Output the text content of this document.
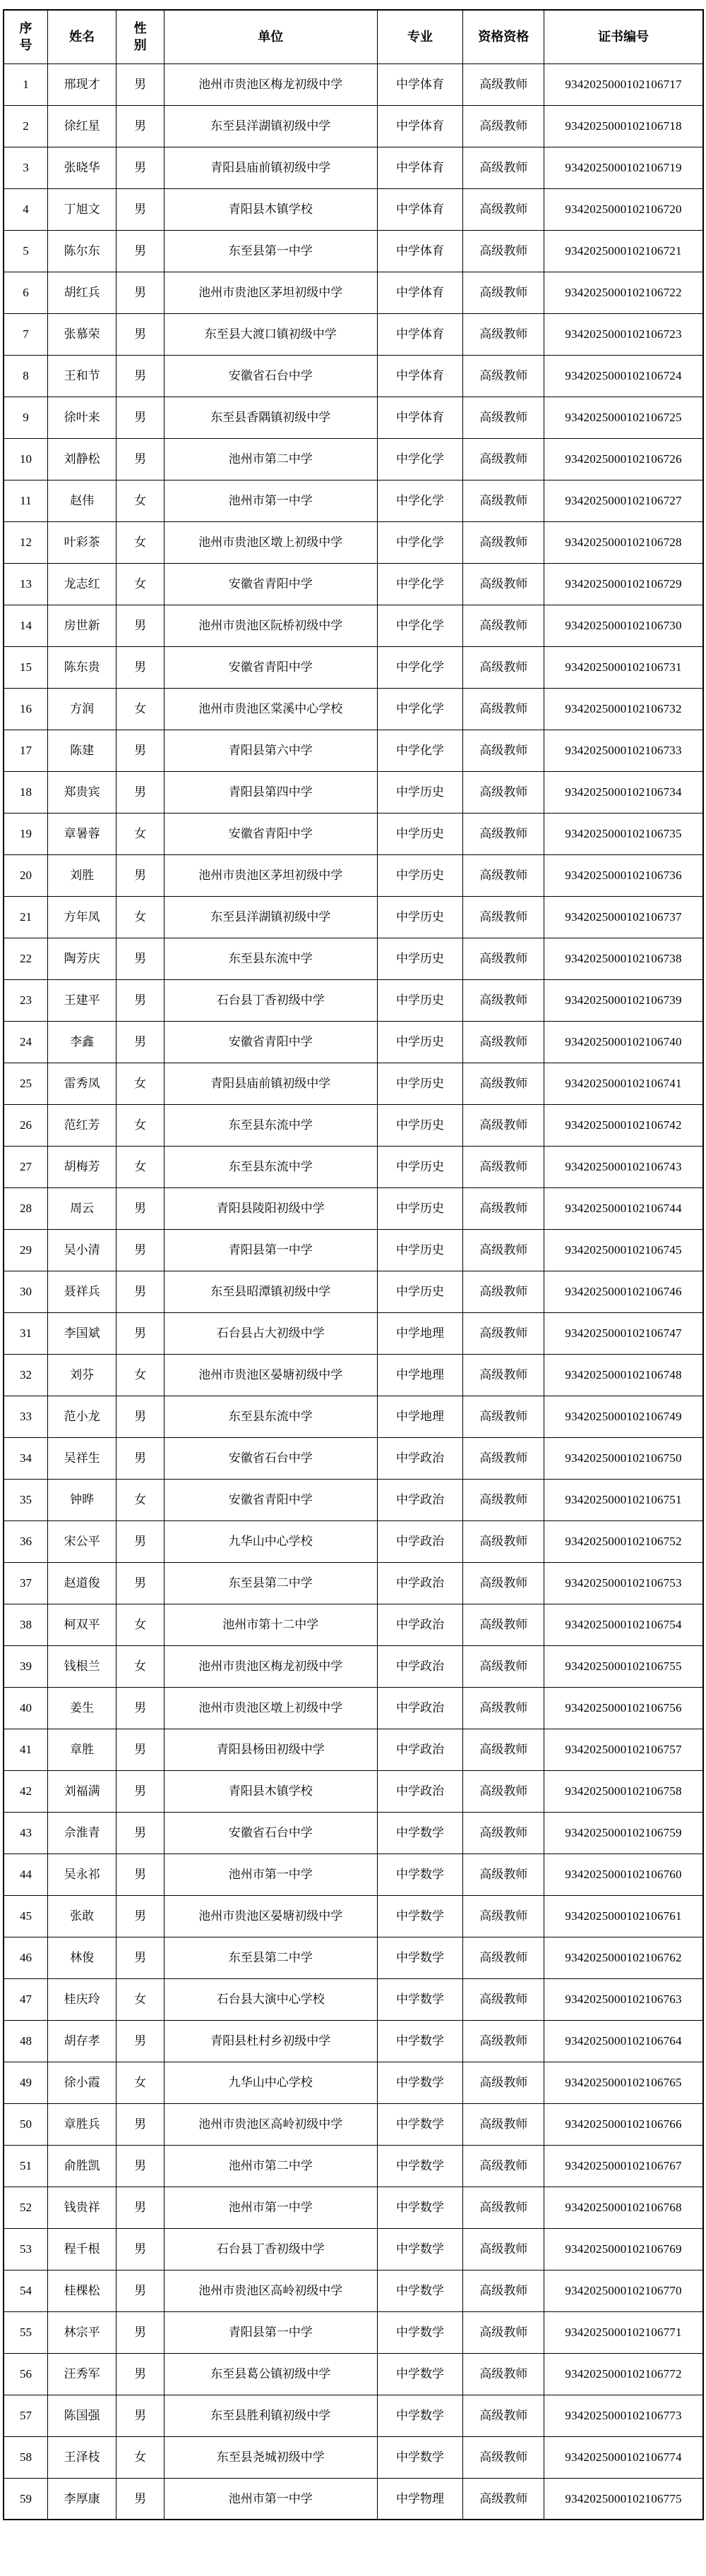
序号	姓名	性别	单位	专业	资格资格	证书编号
1	邢现才	男	池州市贵池区梅龙初级中学	中学体育	高级教师	9342025000102106717
2	徐红星	男	东至县洋湖镇初级中学	中学体育	高级教师	9342025000102106718
3	张晓华	男	青阳县庙前镇初级中学	中学体育	高级教师	9342025000102106719
4	丁旭文	男	青阳县木镇学校	中学体育	高级教师	9342025000102106720
5	陈尔东	男	东至县第一中学	中学体育	高级教师	9342025000102106721
6	胡红兵	男	池州市贵池区茅坦初级中学	中学体育	高级教师	9342025000102106722
7	张慕荣	男	东至县大渡口镇初级中学	中学体育	高级教师	9342025000102106723
8	王和节	男	安徽省石台中学	中学体育	高级教师	9342025000102106724
9	徐叶来	男	东至县香隅镇初级中学	中学体育	高级教师	9342025000102106725
10	刘静松	男	池州市第二中学	中学化学	高级教师	9342025000102106726
11	赵伟	女	池州市第一中学	中学化学	高级教师	9342025000102106727
12	叶彩茶	女	池州市贵池区墩上初级中学	中学化学	高级教师	9342025000102106728
13	龙志红	女	安徽省青阳中学	中学化学	高级教师	9342025000102106729
14	房世新	男	池州市贵池区阮桥初级中学	中学化学	高级教师	9342025000102106730
15	陈东贵	男	安徽省青阳中学	中学化学	高级教师	9342025000102106731
16	方润	女	池州市贵池区棠溪中心学校	中学化学	高级教师	9342025000102106732
17	陈建	男	青阳县第六中学	中学化学	高级教师	9342025000102106733
18	郑贵宾	男	青阳县第四中学	中学历史	高级教师	9342025000102106734
19	章暑蓉	女	安徽省青阳中学	中学历史	高级教师	9342025000102106735
20	刘胜	男	池州市贵池区茅坦初级中学	中学历史	高级教师	9342025000102106736
21	方年凤	女	东至县洋湖镇初级中学	中学历史	高级教师	9342025000102106737
22	陶芳庆	男	东至县东流中学	中学历史	高级教师	9342025000102106738
23	王建平	男	石台县丁香初级中学	中学历史	高级教师	9342025000102106739
24	李鑫	男	安徽省青阳中学	中学历史	高级教师	9342025000102106740
25	雷秀凤	女	青阳县庙前镇初级中学	中学历史	高级教师	9342025000102106741
26	范红芳	女	东至县东流中学	中学历史	高级教师	9342025000102106742
27	胡梅芳	女	东至县东流中学	中学历史	高级教师	9342025000102106743
28	周云	男	青阳县陵阳初级中学	中学历史	高级教师	9342025000102106744
29	吴小清	男	青阳县第一中学	中学历史	高级教师	9342025000102106745
30	聂祥兵	男	东至县昭潭镇初级中学	中学历史	高级教师	9342025000102106746
31	李国斌	男	石台县占大初级中学	中学地理	高级教师	9342025000102106747
32	刘芬	女	池州市贵池区晏塘初级中学	中学地理	高级教师	9342025000102106748
33	范小龙	男	东至县东流中学	中学地理	高级教师	9342025000102106749
34	吴祥生	男	安徽省石台中学	中学政治	高级教师	9342025000102106750
35	钟晔	女	安徽省青阳中学	中学政治	高级教师	9342025000102106751
36	宋公平	男	九华山中心学校	中学政治	高级教师	9342025000102106752
37	赵道俊	男	东至县第二中学	中学政治	高级教师	9342025000102106753
38	柯双平	女	池州市第十二中学	中学政治	高级教师	9342025000102106754
39	钱根兰	女	池州市贵池区梅龙初级中学	中学政治	高级教师	9342025000102106755
40	姜生	男	池州市贵池区墩上初级中学	中学政治	高级教师	9342025000102106756
41	章胜	男	青阳县杨田初级中学	中学政治	高级教师	9342025000102106757
42	刘福满	男	青阳县木镇学校	中学政治	高级教师	9342025000102106758
43	佘淮青	男	安徽省石台中学	中学数学	高级教师	9342025000102106759
44	吴永祁	男	池州市第一中学	中学数学	高级教师	9342025000102106760
45	张敢	男	池州市贵池区晏塘初级中学	中学数学	高级教师	9342025000102106761
46	林俊	男	东至县第二中学	中学数学	高级教师	9342025000102106762
47	桂庆玲	女	石台县大演中心学校	中学数学	高级教师	9342025000102106763
48	胡存孝	男	青阳县杜村乡初级中学	中学数学	高级教师	9342025000102106764
49	徐小霞	女	九华山中心学校	中学数学	高级教师	9342025000102106765
50	章胜兵	男	池州市贵池区高岭初级中学	中学数学	高级教师	9342025000102106766
51	俞胜凯	男	池州市第二中学	中学数学	高级教师	9342025000102106767
52	钱贵祥	男	池州市第一中学	中学数学	高级教师	9342025000102106768
53	程千根	男	石台县丁香初级中学	中学数学	高级教师	9342025000102106769
54	桂棵松	男	池州市贵池区高岭初级中学	中学数学	高级教师	9342025000102106770
55	林宗平	男	青阳县第一中学	中学数学	高级教师	9342025000102106771
56	汪秀军	男	东至县葛公镇初级中学	中学数学	高级教师	9342025000102106772
57	陈国强	男	东至县胜利镇初级中学	中学数学	高级教师	9342025000102106773
58	王泽枝	女	东至县尧城初级中学	中学数学	高级教师	9342025000102106774
59	李厚康	男	池州市第一中学	中学物理	高级教师	9342025000102106775
